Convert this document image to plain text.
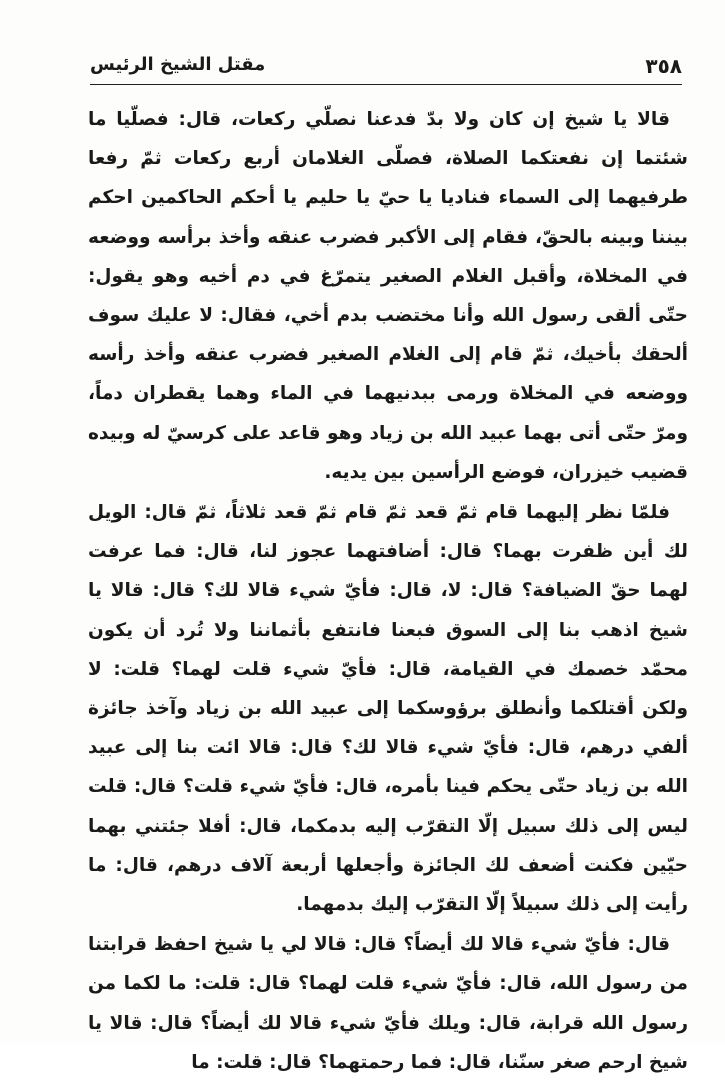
٣٥٨
مقتل الشيخ الرئيس

قالا يا شيخ إن كان ولا بدّ فدعنا نصلّي ركعات، قال: فصلّيا ما شئتما إن نفعتكما الصلاة، فصلّى الغلامان أربع ركعات ثمّ رفعا طرفيهما إلى السماء فناديا يا حيّ يا حليم يا أحكم الحاكمين احكم بيننا وبينه بالحقّ، فقام إلى الأكبر فضرب عنقه وأخذ برأسه ووضعه في المخلاة، وأقبل الغلام الصغير يتمرّغ في دم أخيه وهو يقول: حتّى ألقى رسول الله وأنا مختضب بدم أخي، فقال: لا عليك سوف ألحقك بأخيك، ثمّ قام إلى الغلام الصغير فضرب عنقه وأخذ رأسه ووضعه في المخلاة ورمى ببدنيهما في الماء وهما يقطران دماً، ومرّ حتّى أتى بهما عبيد الله بن زياد وهو قاعد على كرسيّ له وبيده قضيب خيزران، فوضع الرأسين بين يديه.

فلمّا نظر إليهما قام ثمّ قعد ثمّ قام ثمّ قعد ثلاثاً، ثمّ قال: الويل لك أين ظفرت بهما؟ قال: أضافتهما عجوز لنا، قال: فما عرفت لهما حقّ الضيافة؟ قال: لا، قال: فأيّ شيء قالا لك؟ قال: قالا يا شيخ اذهب بنا إلى السوق فبعنا فانتفع بأثماننا ولا تُرد أن يكون محمّد خصمك في القيامة، قال: فأيّ شيء قلت لهما؟ قلت: لا ولكن أقتلكما وأنطلق برؤوسكما إلى عبيد الله بن زياد وآخذ جائزة ألفي درهم، قال: فأيّ شيء قالا لك؟ قال: قالا ائت بنا إلى عبيد الله بن زياد حتّى يحكم فينا بأمره، قال: فأيّ شيء قلت؟ قال: قلت ليس إلى ذلك سبيل إلّا التقرّب إليه بدمكما، قال: أفلا جئتني بهما حيّين فكنت أضعف لك الجائزة وأجعلها أربعة آلاف درهم، قال: ما رأيت إلى ذلك سبيلاً إلّا التقرّب إليك بدمهما.

قال: فأيّ شيء قالا لك أيضاً؟ قال: قالا لي يا شيخ احفظ قرابتنا من رسول الله، قال: فأيّ شيء قلت لهما؟ قال: قلت: ما لكما من رسول الله قرابة، قال: ويلك فأيّ شيء قالا لك أيضاً؟ قال: قالا يا شيخ ارحم صغر سنّنا، قال: فما رحمتهما؟ قال: قلت: ما
